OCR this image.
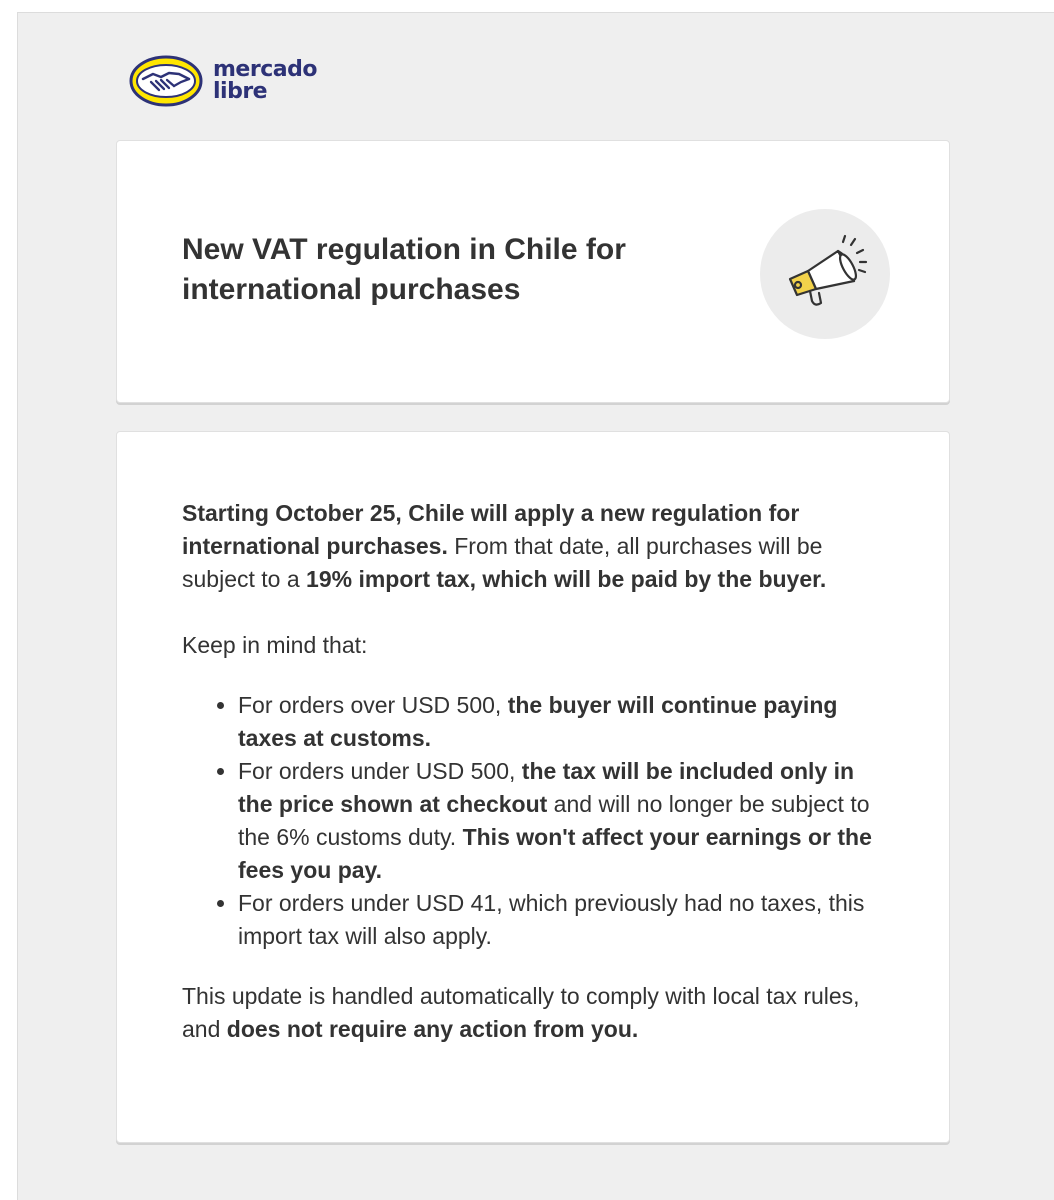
mercado
libre
New VAT regulation in Chile for international purchases

Starting October 25, Chile will apply a new regulation for international purchases. From that date, all purchases will be subject to a 19% import tax, which will be paid by the buyer.

Keep in mind that:

• For orders over USD 500, the buyer will continue paying taxes at customs.
• For orders under USD 500, the tax will be included only in the price shown at checkout and will no longer be subject to the 6% customs duty. This won't affect your earnings or the fees you pay.
• For orders under USD 41, which previously had no taxes, this import tax will also apply.

This update is handled automatically to comply with local tax rules, and does not require any action from you.
